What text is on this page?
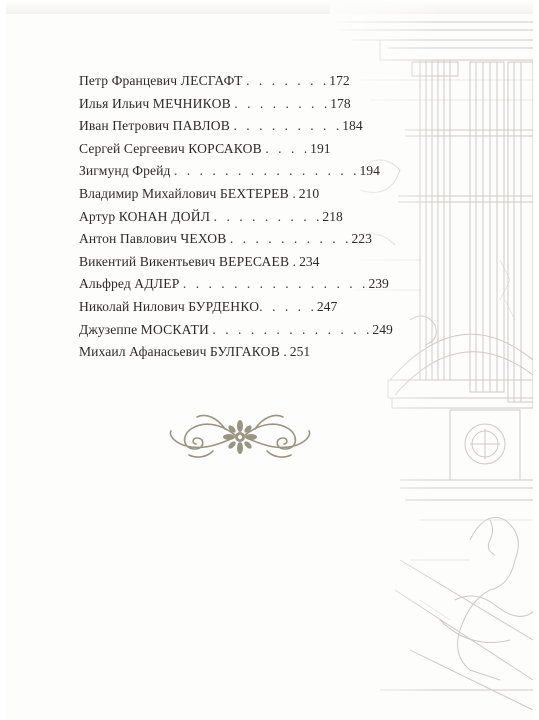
Петр Францевич ЛЕСГАФТ . . . . . . .172
Илья Ильич МЕЧНИКОВ . . . . . . . .178
Иван Петрович ПАВЛОВ . . . . . . . . .184
Сергей Сергеевич КОРСАКОВ . . . .191
Зигмунд Фрейд . . . . . . . . . . . . . . .194
Владимир Михайлович БЕХТЕРЕВ .210
Артур КОНАН ДОЙЛ . . . . . . . . .218
Антон Павлович ЧЕХОВ . . . . . . . . . .223
Викентий Викентьевич ВЕРЕСАЕВ .234
Альфред АДЛЕР . . . . . . . . . . . . . . .239
Николай Нилович БУРДЕНКО. . . . .247
Джузеппе МОСКАТИ . . . . . . . . . . . . .249
Михаил Афанасьевич БУЛГАКОВ .251
